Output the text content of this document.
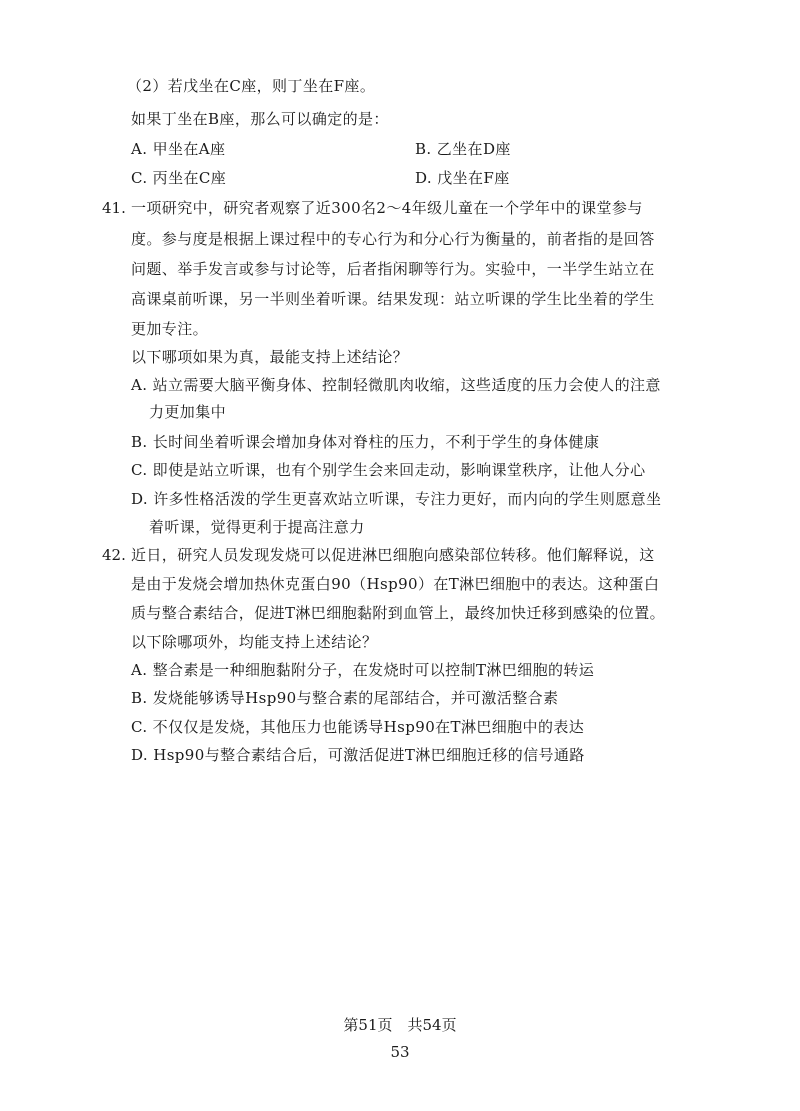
（2）若戊坐在C座，则丁坐在F座。
如果丁坐在B座，那么可以确定的是：
A. 甲坐在A座	B. 乙坐在D座
C. 丙坐在C座	D. 戊坐在F座
41. 一项研究中，研究者观察了近300名2～4年级儿童在一个学年中的课堂参与
度。参与度是根据上课过程中的专心行为和分心行为衡量的，前者指的是回答
问题、举手发言或参与讨论等，后者指闲聊等行为。实验中，一半学生站立在
高课桌前听课，另一半则坐着听课。结果发现：站立听课的学生比坐着的学生
更加专注。
以下哪项如果为真，最能支持上述结论？
A. 站立需要大脑平衡身体、控制轻微肌肉收缩，这些适度的压力会使人的注意
力更加集中
B. 长时间坐着听课会增加身体对脊柱的压力，不利于学生的身体健康
C. 即使是站立听课，也有个别学生会来回走动，影响课堂秩序，让他人分心
D. 许多性格活泼的学生更喜欢站立听课，专注力更好，而内向的学生则愿意坐
着听课，觉得更利于提高注意力
42. 近日，研究人员发现发烧可以促进淋巴细胞向感染部位转移。他们解释说，这
是由于发烧会增加热休克蛋白90（Hsp90）在T淋巴细胞中的表达。这种蛋白
质与整合素结合，促进T淋巴细胞黏附到血管上，最终加快迁移到感染的位置。
以下除哪项外，均能支持上述结论？
A. 整合素是一种细胞黏附分子，在发烧时可以控制T淋巴细胞的转运
B. 发烧能够诱导Hsp90与整合素的尾部结合，并可激活整合素
C. 不仅仅是发烧，其他压力也能诱导Hsp90在T淋巴细胞中的表达
D. Hsp90与整合素结合后，可激活促进T淋巴细胞迁移的信号通路
第51页　共54页
53
